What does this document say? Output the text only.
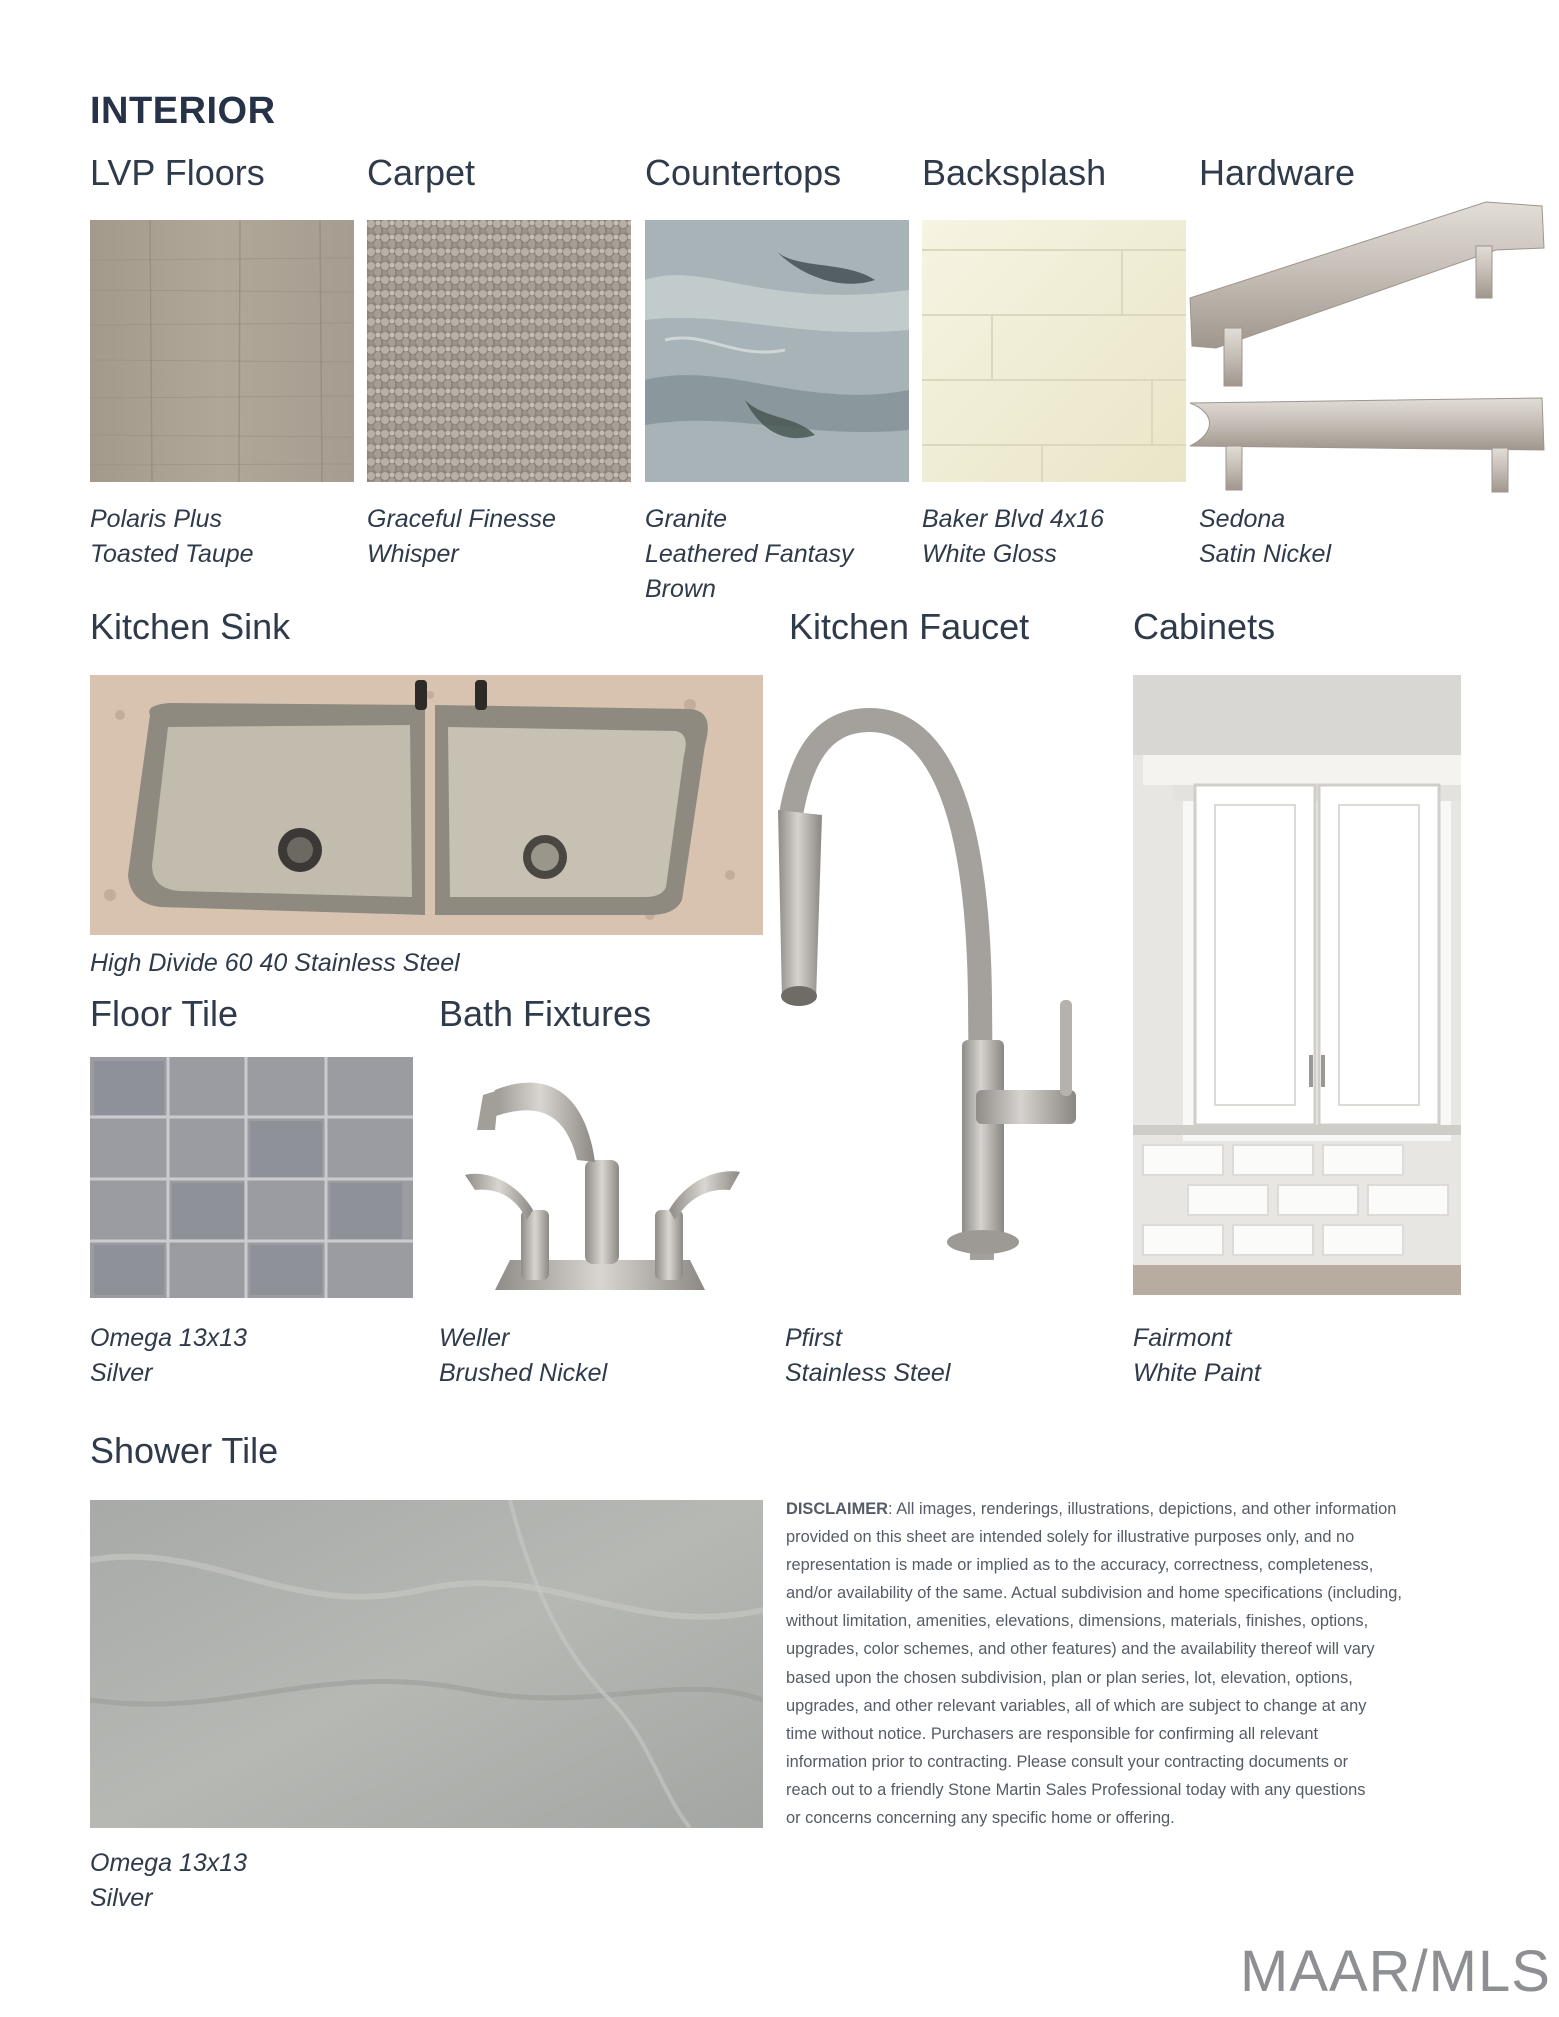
INTERIOR
LVP Floors	Carpet	Countertops Backsplash	Hardware
Polaris Plus
Toasted Taupe
Graceful Finesse
Whisper
Granite
Leathered Fantasy
Brown
Baker Blvd 4x16
White Gloss
Sedona
Satin Nickel
Kitchen Sink	Kitchen Faucet	Cabinets
High Divide 60 40 Stainless Steel
Pfirst
Stainless Steel
Fairmont
White Paint
Floor Tile	Bath Fixtures
Omega 13x13
Silver
Weller
Brushed Nickel
Shower Tile
Omega 13x13
Silver
DISCLAIMER: All images, renderings, illustrations, depictions, and other information
provided on this sheet are intended solely for illustrative purposes only, and no
representation is made or implied as to the accuracy, correctness, completeness,
and/or availability of the same. Actual subdivision and home specifications (including,
without limitation, amenities, elevations, dimensions, materials, finishes, options,
upgrades, color schemes, and other features) and the availability thereof will vary
based upon the chosen subdivision, plan or plan series, lot, elevation, options,
upgrades, and other relevant variables, all of which are subject to change at any
time without notice. Purchasers are responsible for confirming all relevant
information prior to contracting. Please consult your contracting documents or
reach out to a friendly Stone Martin Sales Professional today with any questions
or concerns concerning any specific home or offering.
MAAR/MLS
